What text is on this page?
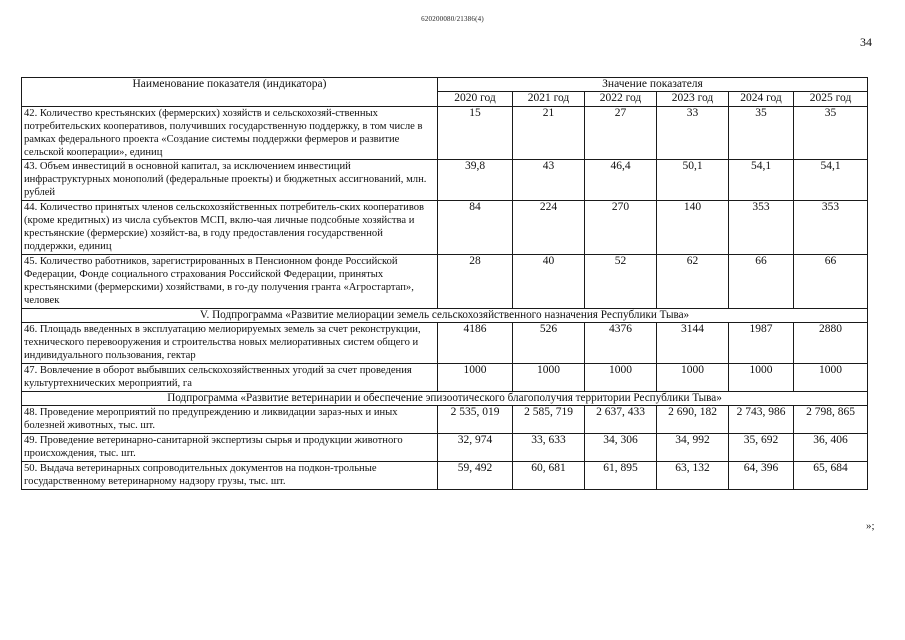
620200080/21386(4)
34
Наименование показателя (индикатора)	Значение показателя					
	2020 год	2021 год	2022 год	2023 год	2024 год	2025 год
42. Количество крестьянских (фермерских) хозяйств и сельскохозяй-ственных потребительских кооперативов, получивших государственную поддержку, в том числе в рамках федерального проекта «Создание системы поддержки фермеров и развитие сельской кооперации», единиц	15	21	27	33	35	35
43. Объем инвестиций в основной капитал, за исключением инвестиций инфраструктурных монополий (федеральные проекты) и бюджетных ассигнований, млн. рублей	39,8	43	46,4	50,1	54,1	54,1
44. Количество принятых членов сельскохозяйственных потребитель-ских кооперативов (кроме кредитных) из числа субъектов МСП, вклю-чая личные подсобные хозяйства и крестьянские (фермерские) хозяйст-ва, в году предоставления государственной поддержки, единиц	84	224	270	140	353	353
45. Количество работников, зарегистрированных в Пенсионном фонде Российской Федерации, Фонде социального страхования Российской Федерации, принятых крестьянскими (фермерскими) хозяйствами, в го-ду получения гранта «Агростартап», человек	28	40	52	62	66	66
V. Подпрограмма «Развитие мелиорации земель сельскохозяйственного назначения Республики Тыва»						
46. Площадь введенных в эксплуатацию мелиорируемых земель за счет реконструкции, технического перевооружения и строительства новых мелиоративных систем общего и индивидуального пользования, гектар	4186	526	4376	3144	1987	2880
47. Вовлечение в оборот выбывших сельскохозяйственных угодий за счет проведения культуртехнических мероприятий, га	1000	1000	1000	1000	1000	1000
Подпрограмма «Развитие ветеринарии и обеспечение эпизоотического благополучия территории Республики Тыва»						
48. Проведение мероприятий по предупреждению и ликвидации зараз-ных и иных болезней животных, тыс. шт.	2 535, 019	2 585, 719	2 637, 433	2 690, 182	2 743, 986	2 798, 865
49. Проведение ветеринарно-санитарной экспертизы сырья и продукции животного происхождения, тыс. шт.	32, 974	33, 633	34, 306	34, 992	35, 692	36, 406
50. Выдача ветеринарных сопроводительных документов на подкон-трольные государственному ветеринарному надзору грузы, тыс. шт.	59, 492	60, 681	61, 895	63, 132	64, 396	65, 684
»;
